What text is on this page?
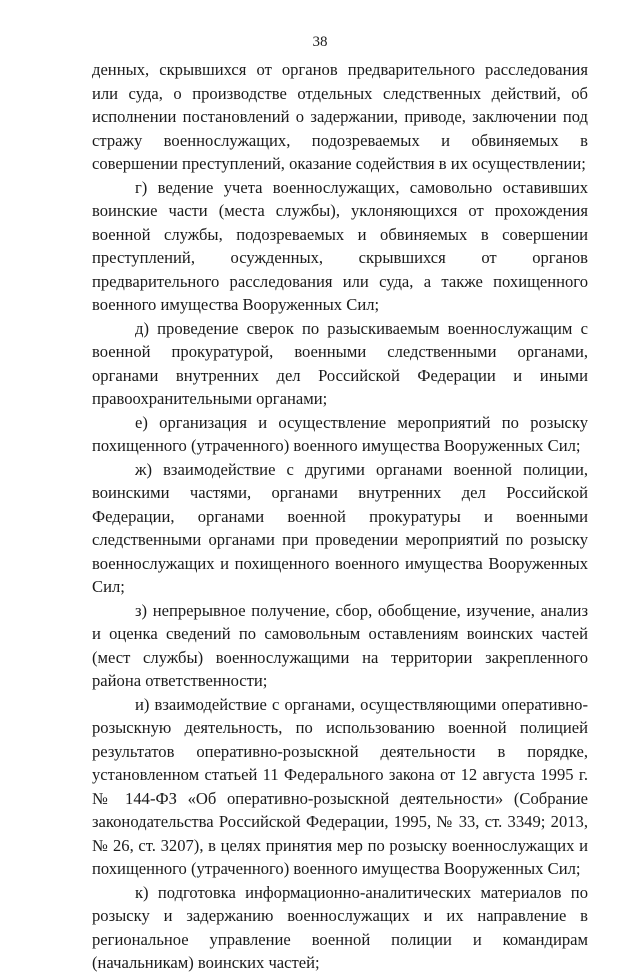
38

денных, скрывшихся от органов предварительного расследования или суда, о производстве отдельных следственных действий, об исполнении постановлений о задержании, приводе, заключении под стражу военнослужащих, подозреваемых и обвиняемых в совершении преступлений, оказание содействия в их осуществлении;

г) ведение учета военнослужащих, самовольно оставивших воинские части (места службы), уклоняющихся от прохождения военной службы, подозреваемых и обвиняемых в совершении преступлений, осужденных, скрывшихся от органов предварительного расследования или суда, а также похищенного военного имущества Вооруженных Сил;

д) проведение сверок по разыскиваемым военнослужащим с военной прокуратурой, военными следственными органами, органами внутренних дел Российской Федерации и иными правоохранительными органами;

е) организация и осуществление мероприятий по розыску похищенного (утраченного) военного имущества Вооруженных Сил;

ж) взаимодействие с другими органами военной полиции, воинскими частями, органами внутренних дел Российской Федерации, органами военной прокуратуры и военными следственными органами при проведении мероприятий по розыску военнослужащих и похищенного военного имущества Вооруженных Сил;

з) непрерывное получение, сбор, обобщение, изучение, анализ и оценка сведений по самовольным оставлениям воинских частей (мест службы) военнослужащими на территории закрепленного района ответственности;

и) взаимодействие с органами, осуществляющими оперативно-розыскную деятельность, по использованию военной полицией результатов оперативно-розыскной деятельности в порядке, установленном статьей 11 Федерального закона от 12 августа 1995 г. № 144-ФЗ «Об оперативно-розыскной деятельности» (Собрание законодательства Российской Федерации, 1995, № 33, ст. 3349; 2013, № 26, ст. 3207), в целях принятия мер по розыску военнослужащих и похищенного (утраченного) военного имущества Вооруженных Сил;

к) подготовка информационно-аналитических материалов по розыску и задержанию военнослужащих и их направление в региональное управление военной полиции и командирам (начальникам) воинских частей;
